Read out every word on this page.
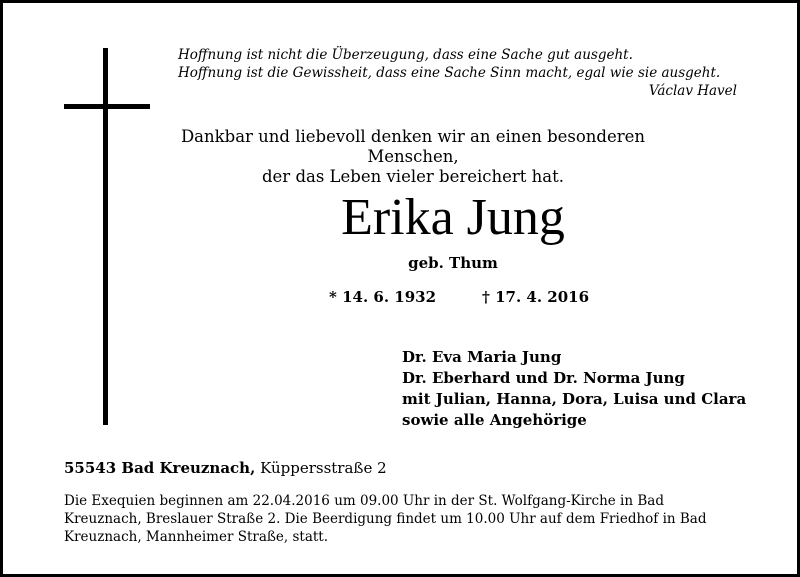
Hoffnung ist nicht die Überzeugung, dass eine Sache gut ausgeht.
Hoffnung ist die Gewissheit, dass eine Sache Sinn macht, egal wie sie ausgeht.
Václav Havel
Dankbar und liebevoll denken wir an einen besonderen Menschen,
der das Leben vieler bereichert hat.
Erika Jung
geb. Thum
* 14. 6. 1932	† 17. 4. 2016
Dr. Eva Maria Jung
Dr. Eberhard und Dr. Norma Jung
mit Julian, Hanna, Dora, Luisa und Clara
sowie alle Angehörige
55543 Bad Kreuznach, Küppersstraße 2
Die Exequien beginnen am 22.04.2016 um 09.00 Uhr in der St. Wolfgang-Kirche in Bad
Kreuznach, Breslauer Straße 2. Die Beerdigung findet um 10.00 Uhr auf dem Friedhof in Bad
Kreuznach, Mannheimer Straße, statt.
